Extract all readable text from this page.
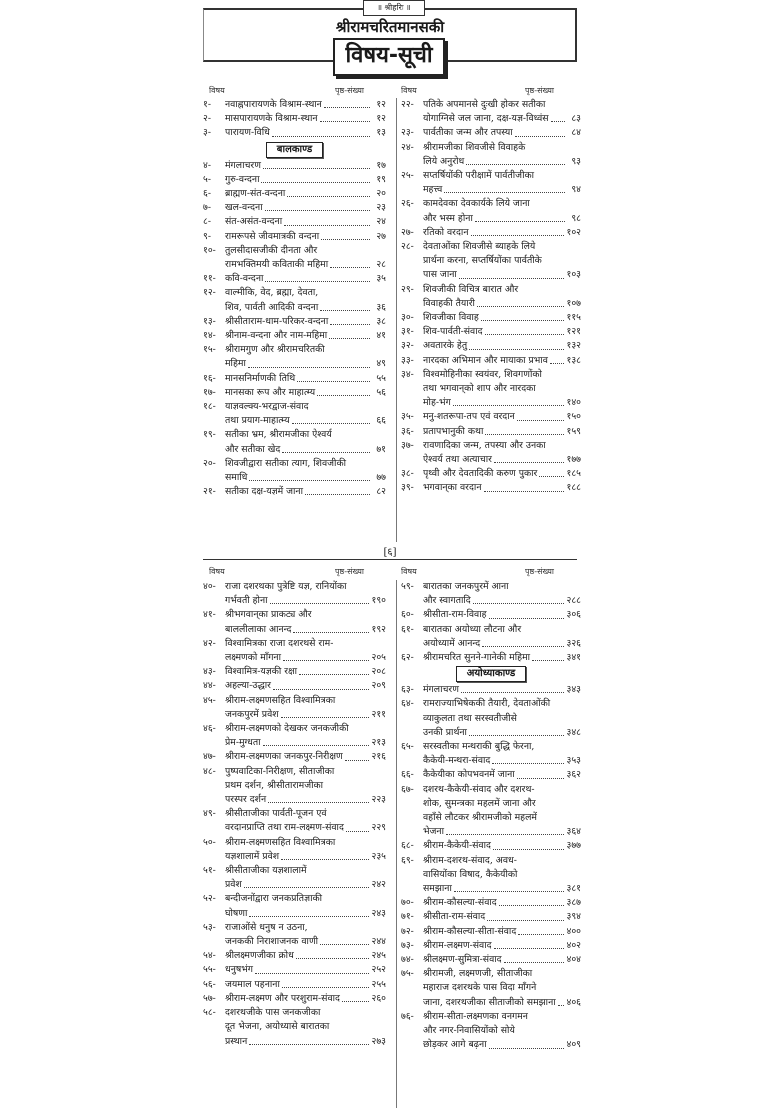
॥ श्रीहरिः ॥
श्रीरामचरितमानसकी
विषय-सूची
विषय	पृष्ठ-संख्या	विषय	पृष्ठ-संख्या
१-	नवाह्नपारायणके विश्राम-स्थान	१२
२-	मासपारायणके विश्राम-स्थान	१२
३-	पारायण-विधि	१३
बालकाण्ड
४-	मंगलाचरण	१७
५-	गुरु-वन्दना	१९
६-	ब्राह्मण-संत-वन्दना	२०
७-	खल-वन्दना	२३
८-	संत-असंत-वन्दना	२४
९-	रामरूपसे जीवमात्रकी वन्दना	२७
१०- तुलसीदासजीकी दीनता और
रामभक्तिमयी कविताकी महिमा	२८
११- कवि-वन्दना	३५
१२- वाल्मीकि, वेद, ब्रह्मा, देवता,
शिव, पार्वती आदिकी वन्दना	३६
१३- श्रीसीताराम-धाम-परिकर-वन्दना	३८
१४- श्रीनाम-वन्दना और नाम-महिमा	४१
१५- श्रीरामगुण और श्रीरामचरितकी
महिमा	४९
१६- मानसनिर्माणकी तिथि	५५
१७- मानसका रूप और माहात्म्य	५६
१८- याज्ञवल्क्य-भरद्वाज-संवाद
तथा प्रयाग-माहात्म्य	६६
१९- सतीका भ्रम, श्रीरामजीका ऐश्वर्य
और सतीका खेद	७१
२०- शिवजीद्वारा सतीका त्याग, शिवजीकी
समाधि	७७
२१- सतीका दक्ष-यज्ञमें जाना	८२
२२- पतिके अपमानसे दुःखी होकर सतीका
योगाग्निसे जल जाना, दक्ष-यज्ञ-विध्वंस	८३
२३- पार्वतीका जन्म और तपस्या	८४
२४- श्रीरामजीका शिवजीसे विवाहके
लिये अनुरोध	९३
२५- सप्तर्षियोंकी परीक्षामें पार्वतीजीका
महत्त्व	९४
२६- कामदेवका देवकार्यके लिये जाना
और भस्म होना	९८
२७- रतिको वरदान	१०२
२८- देवताओंका शिवजीसे ब्याहके लिये
प्रार्थना करना, सप्तर्षियोंका पार्वतीके
पास जाना	१०३
२९- शिवजीकी विचित्र बारात और
विवाहकी तैयारी	१०७
३०- शिवजीका विवाह	११५
३१- शिव-पार्वती-संवाद	१२१
३२- अवतारके हेतु	१३२
३३- नारदका अभिमान और मायाका प्रभाव १३८
३४- विश्वमोहिनीका स्वयंवर, शिवगणोंको
तथा भगवान्‌को शाप और नारदका
मोह-भंग	१४०
३५- मनु-शतरूपा-तप एवं वरदान	१५०
३६- प्रतापभानुकी कथा	१५९
३७- रावणादिका जन्म, तपस्या और उनका
ऐश्वर्य तथा अत्याचार	१७७
३८- पृथ्वी और देवतादिकी करुण पुकार	१८५
३९- भगवान्‌का वरदान	१८८
[६]
विषय	पृष्ठ-संख्या	विषय	पृष्ठ-संख्या
४०- राजा दशरथका पुत्रेष्टि यज्ञ, रानियोंका
गर्भवती होना	१९०
४१- श्रीभगवान्‌का प्राकट्य और
बाललीलाका आनन्द	१९२
४२- विश्वामित्रका राजा दशरथसे राम-
लक्ष्मणको माँगना	२०५
४३- विश्वामित्र-यज्ञकी रक्षा	२०८
४४- अहल्या-उद्धार	२०९
४५- श्रीराम-लक्ष्मणसहित विश्वामित्रका
जनकपुरमें प्रवेश	२११
४६- श्रीराम-लक्ष्मणको देखकर जनकजीकी
प्रेम-मुग्धता	२१३
४७- श्रीराम-लक्ष्मणका जनकपुर-निरीक्षण	२१६
४८- पुष्पवाटिका-निरीक्षण, सीताजीका
प्रथम दर्शन, श्रीसीतारामजीका
परस्पर दर्शन	२२३
४९- श्रीसीताजीका पार्वती-पूजन एवं
वरदानप्राप्ति तथा राम-लक्ष्मण-संवाद	२२९
५०- श्रीराम-लक्ष्मणसहित विश्वामित्रका
यज्ञशालामें प्रवेश	२३५
५१- श्रीसीताजीका यज्ञशालामें
प्रवेश	२४२
५२- बन्दीजनोंद्वारा जनकप्रतिज्ञाकी
घोषणा	२४३
५३- राजाओंसे धनुष न उठना,
जनककी निराशाजनक वाणी	२४४
५४- श्रीलक्ष्मणजीका क्रोध	२४५
५५- धनुषभंग	२५२
५६- जयमाल पहनाना	२५५
५७- श्रीराम-लक्ष्मण और परशुराम-संवाद	२६०
५८- दशरथजीके पास जनकजीका
दूत भेजना, अयोध्यासे बारातका
प्रस्थान	२७३
५९- बारातका जनकपुरमें आना
और स्वागतादि	२८८
६०- श्रीसीता-राम-विवाह	३०६
६१- बारातका अयोध्या लौटना और
अयोध्यामें आनन्द	३२६
६२- श्रीरामचरित सुनने-गानेकी महिमा	३४१
अयोध्याकाण्ड
६३- मंगलाचरण	३४३
६४- रामराज्याभिषेककी तैयारी, देवताओंकी
व्याकुलता तथा सरस्वतीजीसे
उनकी प्रार्थना	३४८
६५- सरस्वतीका मन्थराकी बुद्धि फेरना,
कैकेयी-मन्थरा-संवाद	३५३
६६- कैकेयीका कोपभवनमें जाना	३६२
६७- दशरथ-कैकेयी-संवाद और दशरथ-
शोक, सुमन्त्रका महलमें जाना और
वहाँसे लौटकर श्रीरामजीको महलमें
भेजना	३६४
६८- श्रीराम-कैकेयी-संवाद	३७७
६९- श्रीराम-दशरथ-संवाद, अवध-
वासियोंका विषाद, कैकेयीको
समझाना	३८१
७०- श्रीराम-कौसल्या-संवाद	३८७
७१- श्रीसीता-राम-संवाद	३९४
७२- श्रीराम-कौसल्या-सीता-संवाद	४००
७३- श्रीराम-लक्ष्मण-संवाद	४०२
७४- श्रीलक्ष्मण-सुमित्रा-संवाद	४०४
७५- श्रीरामजी, लक्ष्मणजी, सीताजीका
महाराज दशरथके पास विदा माँगने
जाना, दशरथजीका सीताजीको समझाना ४०६
७६- श्रीराम-सीता-लक्ष्मणका वनगमन
और नगर-निवासियोंको सोये
छोड़कर आगे बढ़ना	४०९
